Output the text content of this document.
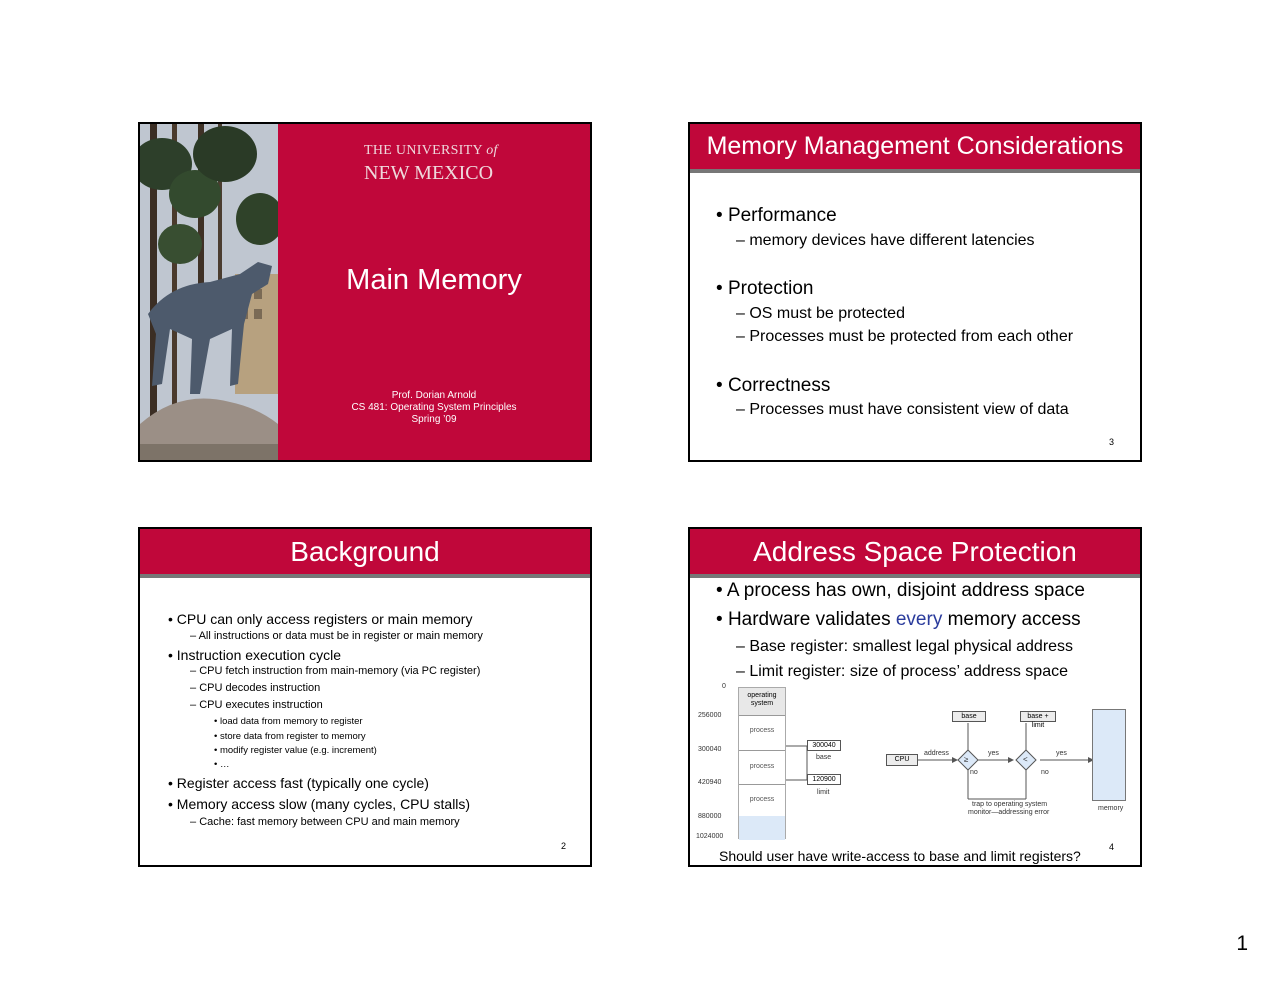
THE UNIVERSITY of
NEW MEXICO
Main Memory
Prof. Dorian Arnold
CS 481: Operating System Principles
Spring ’09
Memory Management Considerations
• Performance
– memory devices have different latencies
• Protection
– OS must be protected
– Processes must be protected from each other
• Correctness
– Processes must have consistent view of data
3
Background
• CPU can only access registers or main memory
– All instructions or data must be in register or main memory
• Instruction execution cycle
– CPU fetch instruction from main-memory (via PC register)
– CPU decodes instruction
– CPU executes instruction
• load data from memory to register
• store data from register to memory
• modify register value (e.g. increment)
• …
• Register access fast (typically one cycle)
• Memory access slow (many cycles, CPU stalls)
– Cache: fast memory between CPU and main memory
2
Address Space Protection
• A process has own, disjoint address space
• Hardware validates every memory access
– Base register: smallest legal physical address
– Limit register: size of process’ address space
0
256000
300040
420940
880000
1024000
operating system
process
process
process
300040
base
120900
limit
CPU
address
base	base + limit
≥	<
yes	yes
no	no
trap to operating system
monitor—addressing error
memory
4
Should user have write-access to base and limit registers?
1
